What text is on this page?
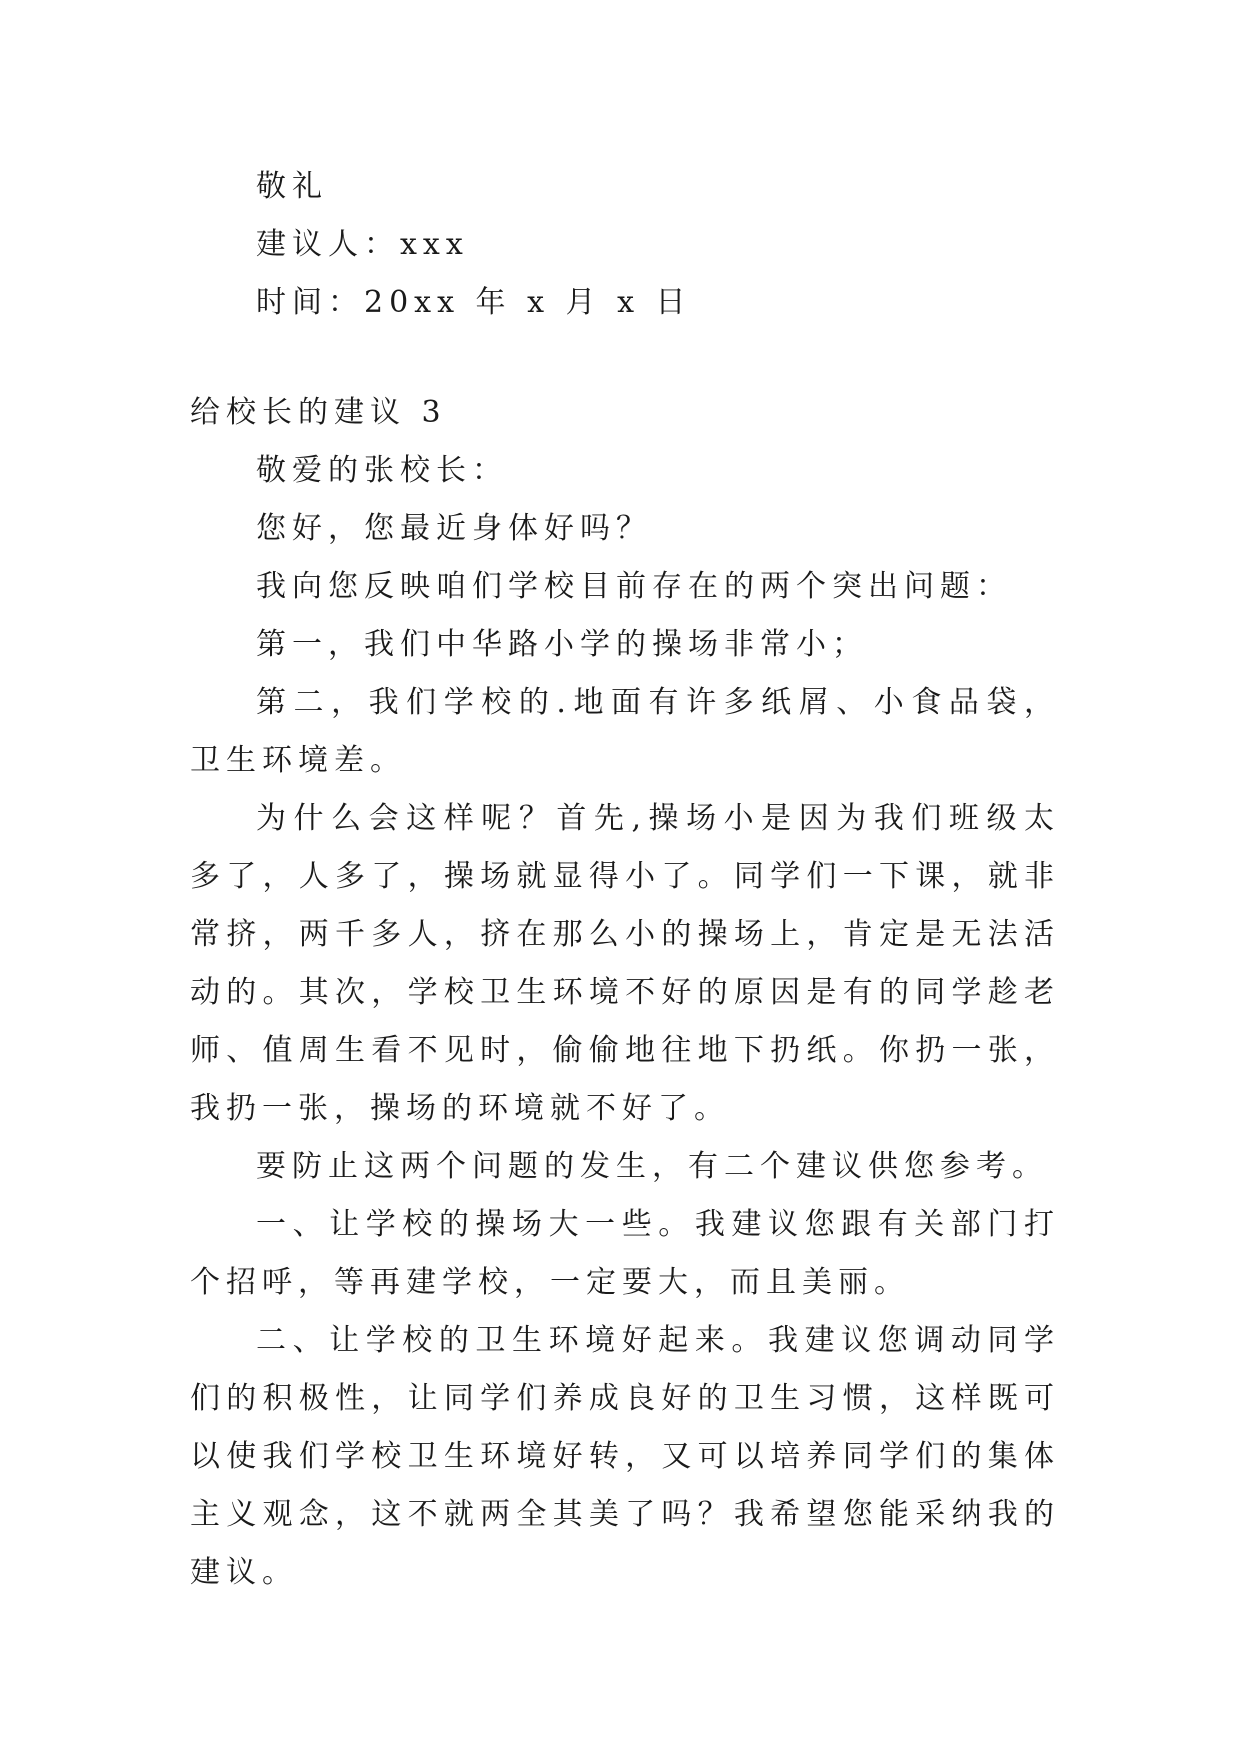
敬礼

建议人：xxx

时间：20xx 年 x 月 x 日

给校长的建议 3

敬爱的张校长：

您好，您最近身体好吗？

我向您反映咱们学校目前存在的两个突出问题：

第一，我们中华路小学的操场非常小；

第二，我们学校的.地面有许多纸屑、小食品袋，卫生环境差。

为什么会这样呢？首先,操场小是因为我们班级太多了，人多了，操场就显得小了。同学们一下课，就非常挤，两千多人，挤在那么小的操场上，肯定是无法活动的。其次，学校卫生环境不好的原因是有的同学趁老师、值周生看不见时，偷偷地往地下扔纸。你扔一张，我扔一张，操场的环境就不好了。

要防止这两个问题的发生，有二个建议供您参考。

一、让学校的操场大一些。我建议您跟有关部门打个招呼，等再建学校，一定要大，而且美丽。

二、让学校的卫生环境好起来。我建议您调动同学们的积极性，让同学们养成良好的卫生习惯，这样既可以使我们学校卫生环境好转，又可以培养同学们的集体主义观念，这不就两全其美了吗？我希望您能采纳我的建议。
